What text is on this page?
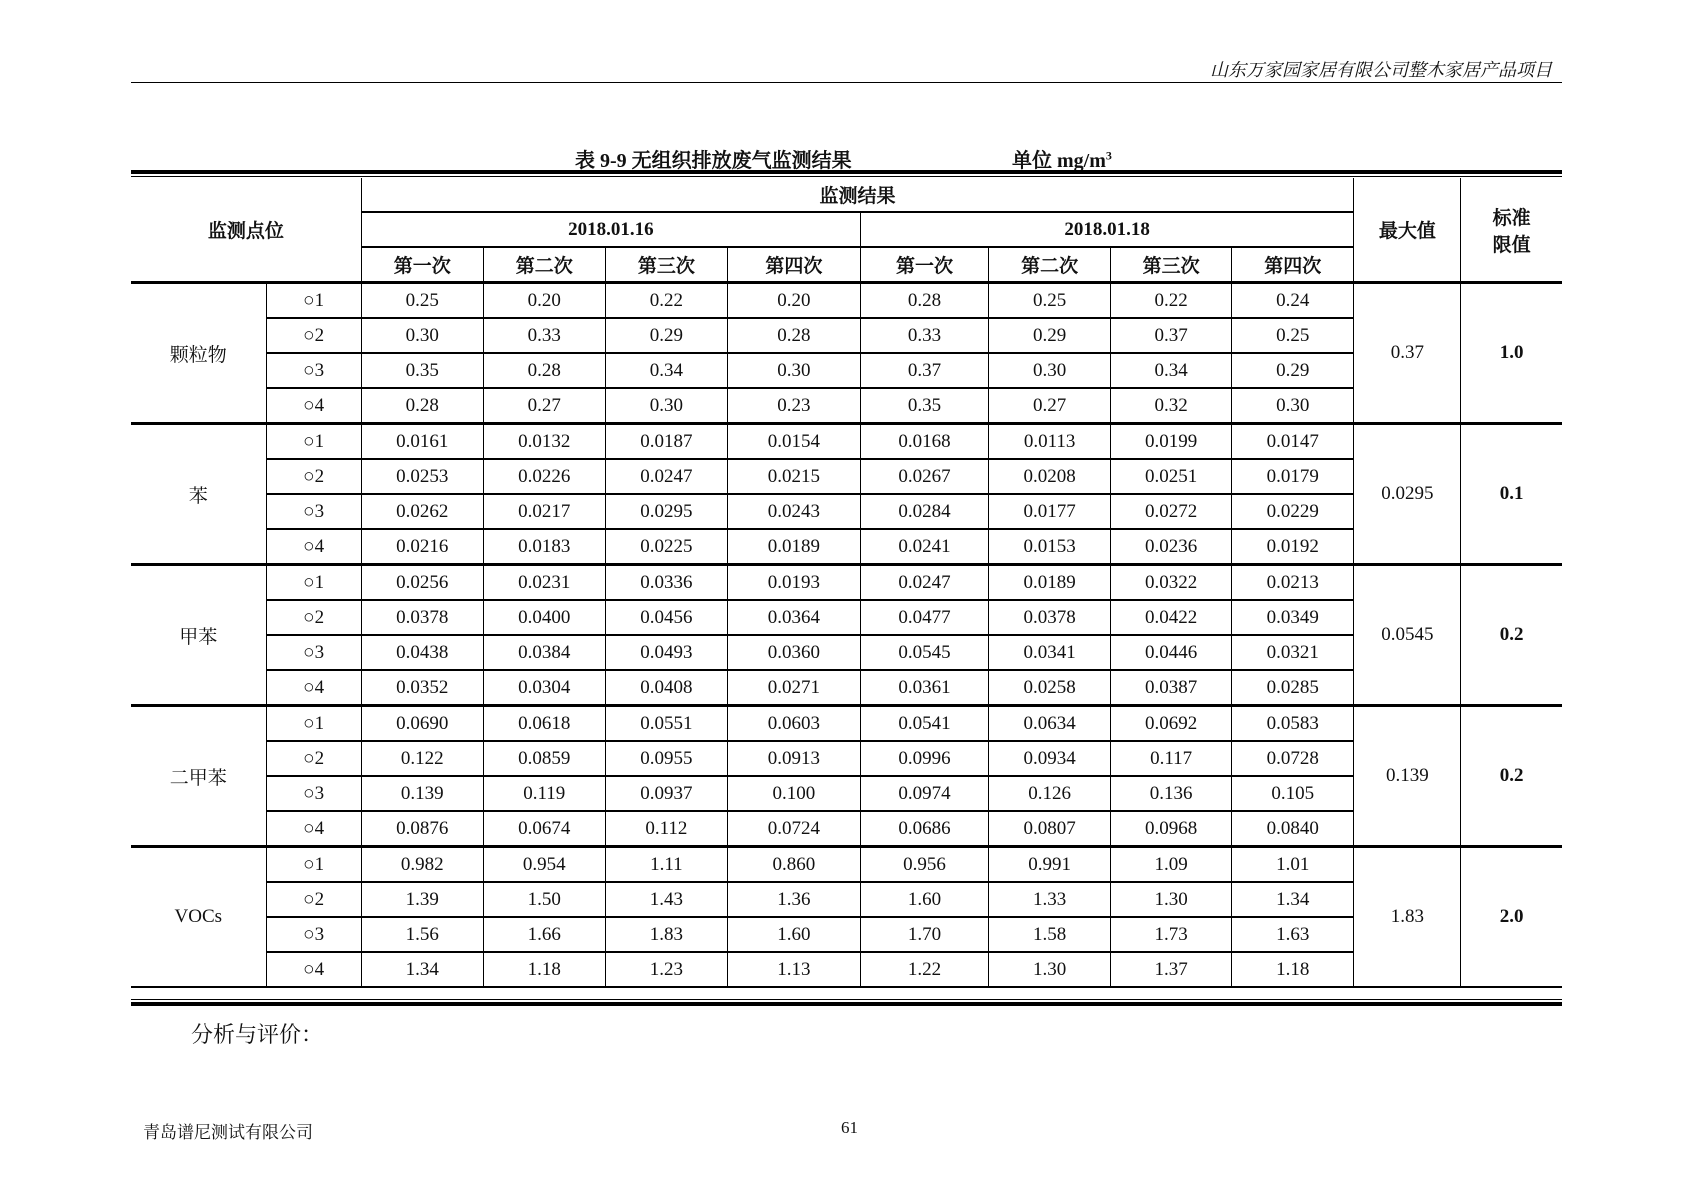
山东万家园家居有限公司整木家居产品项目
表 9-9 无组织排放废气监测结果	单位 $mg/m^3$
监测点位		监测结果								最大值	标准限值
		2018.01.16				2018.01.18					
		第一次	第二次	第三次	第四次	第一次	第二次	第三次	第四次		
颗粒物	○1	0.25	0.20	0.22	0.20	0.28	0.25	0.22	0.24	0.37	1.0
	○2	0.30	0.33	0.29	0.28	0.33	0.29	0.37	0.25		
	○3	0.35	0.28	0.34	0.30	0.37	0.30	0.34	0.29		
	○4	0.28	0.27	0.30	0.23	0.35	0.27	0.32	0.30		
苯	○1	0.0161	0.0132	0.0187	0.0154	0.0168	0.0113	0.0199	0.0147	0.0295	0.1
	○2	0.0253	0.0226	0.0247	0.0215	0.0267	0.0208	0.0251	0.0179		
	○3	0.0262	0.0217	0.0295	0.0243	0.0284	0.0177	0.0272	0.0229		
	○4	0.0216	0.0183	0.0225	0.0189	0.0241	0.0153	0.0236	0.0192		
甲苯	○1	0.0256	0.0231	0.0336	0.0193	0.0247	0.0189	0.0322	0.0213	0.0545	0.2
	○2	0.0378	0.0400	0.0456	0.0364	0.0477	0.0378	0.0422	0.0349		
	○3	0.0438	0.0384	0.0493	0.0360	0.0545	0.0341	0.0446	0.0321		
	○4	0.0352	0.0304	0.0408	0.0271	0.0361	0.0258	0.0387	0.0285		
二甲苯	○1	0.0690	0.0618	0.0551	0.0603	0.0541	0.0634	0.0692	0.0583	0.139	0.2
	○2	0.122	0.0859	0.0955	0.0913	0.0996	0.0934	0.117	0.0728		
	○3	0.139	0.119	0.0937	0.100	0.0974	0.126	0.136	0.105		
	○4	0.0876	0.0674	0.112	0.0724	0.0686	0.0807	0.0968	0.0840		
VOCs	○1	0.982	0.954	1.11	0.860	0.956	0.991	1.09	1.01	1.83	2.0
	○2	1.39	1.50	1.43	1.36	1.60	1.33	1.30	1.34		
	○3	1.56	1.66	1.83	1.60	1.70	1.58	1.73	1.63		
	○4	1.34	1.18	1.23	1.13	1.22	1.30	1.37	1.18		
分析与评价：
青岛谱尼测试有限公司	61
